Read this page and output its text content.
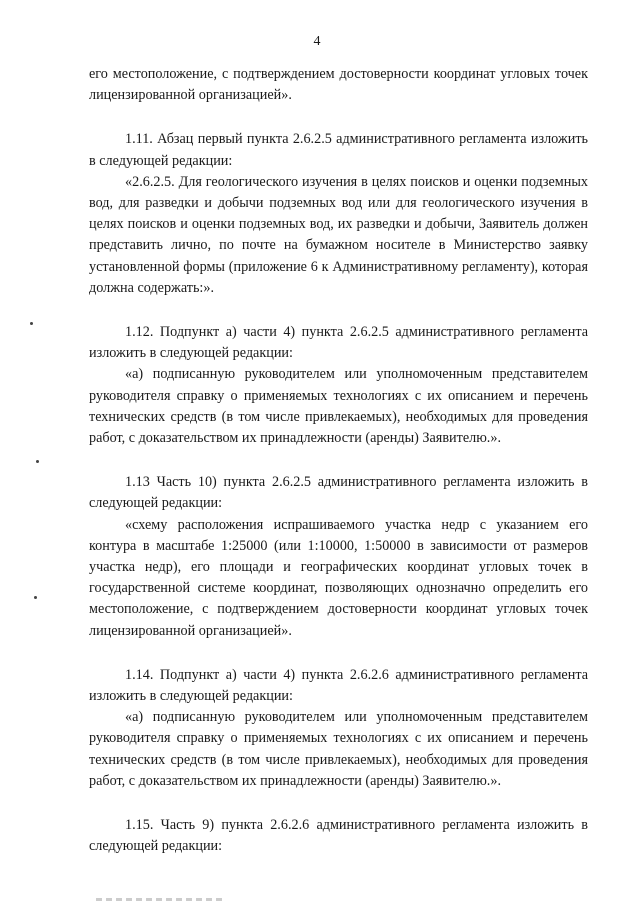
4

его местоположение, с подтверждением достоверности координат угловых точек лицензированной организацией».

1.11. Абзац первый пункта 2.6.2.5 административного регламента изложить в следующей редакции:

«2.6.2.5. Для геологического изучения в целях поисков и оценки подземных вод, для разведки и добычи подземных вод или для геологического изучения в целях поисков и оценки подземных вод, их разведки и добычи, Заявитель должен представить лично, по почте на бумажном носителе в Министерство заявку установленной формы (приложение 6 к Административному регламенту), которая должна содержать:».

1.12. Подпункт а) части 4) пункта 2.6.2.5 административного регламента изложить в следующей редакции:

«а) подписанную руководителем или уполномоченным представителем руководителя справку о применяемых технологиях с их описанием и перечень технических средств (в том числе привлекаемых), необходимых для проведения работ, с доказательством их принадлежности (аренды) Заявителю.».

1.13 Часть 10) пункта 2.6.2.5 административного регламента изложить в следующей редакции:

«схему расположения испрашиваемого участка недр с указанием его контура в масштабе 1:25000 (или 1:10000, 1:50000 в зависимости от размеров участка недр), его площади и географических координат угловых точек в государственной системе координат, позволяющих однозначно определить его местоположение, с подтверждением достоверности координат угловых точек лицензированной организацией».

1.14. Подпункт а) части 4) пункта 2.6.2.6 административного регламента изложить в следующей редакции:

«а) подписанную руководителем или уполномоченным представителем руководителя справку о применяемых технологиях с их описанием и перечень технических средств (в том числе привлекаемых), необходимых для проведения работ, с доказательством их принадлежности (аренды) Заявителю.».

1.15. Часть 9) пункта 2.6.2.6 административного регламента изложить в следующей редакции:
